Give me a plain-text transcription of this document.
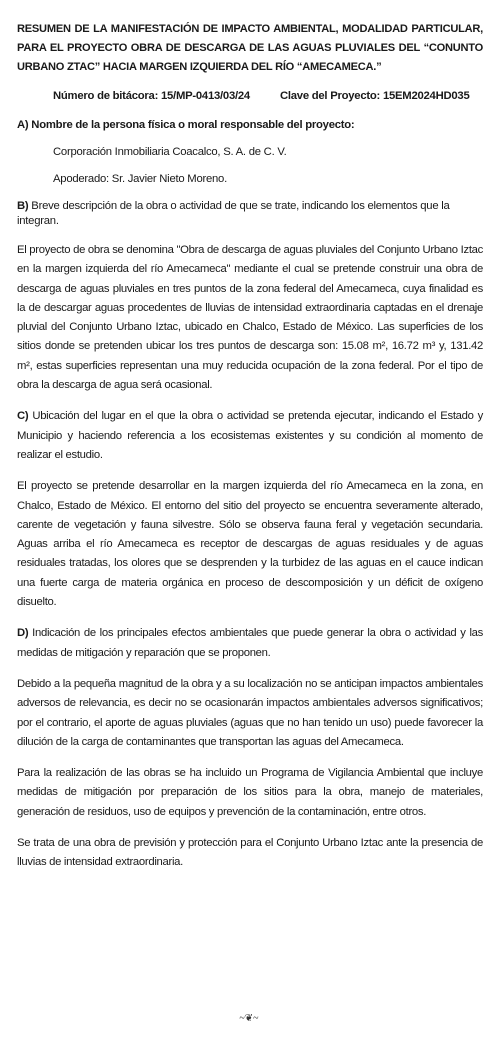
RESUMEN DE LA MANIFESTACIÓN DE IMPACTO AMBIENTAL, MODALIDAD PARTICULAR, PARA EL PROYECTO OBRA DE DESCARGA DE LAS AGUAS PLUVIALES DEL “CONUNTO URBANO ZTAC” HACIA MARGEN IZQUIERDA DEL RÍO “AMECAMECA.”

Número de bitácora: 15/MP-0413/03/24	Clave del Proyecto: 15EM2024HD035

A) Nombre de la persona física o moral responsable del proyecto:

Corporación Inmobiliaria Coacalco, S. A. de C. V.

Apoderado: Sr. Javier Nieto Moreno.

B) Breve descripción de la obra o actividad de que se trate, indicando los elementos que la integran.

El proyecto de obra se denomina "Obra de descarga de aguas pluviales del Conjunto Urbano Iztac en la margen izquierda del río Amecameca" mediante el cual se pretende construir una obra de descarga de aguas pluviales en tres puntos de la zona federal del Amecameca, cuya finalidad es la de descargar aguas procedentes de lluvias de intensidad extraordinaria captadas en el drenaje pluvial del Conjunto Urbano Iztac, ubicado en Chalco, Estado de México. Las superficies de los sitios donde se pretenden ubicar los tres puntos de descarga son: 15.08 m², 16.72 m³ y, 131.42 m², estas superficies representan una muy reducida ocupación de la zona federal. Por el tipo de obra la descarga de agua será ocasional.

C) Ubicación del lugar en el que la obra o actividad se pretenda ejecutar, indicando el Estado y Municipio y haciendo referencia a los ecosistemas existentes y su condición al momento de realizar el estudio.

El proyecto se pretende desarrollar en la margen izquierda del río Amecameca en la zona, en Chalco, Estado de México. El entorno del sitio del proyecto se encuentra severamente alterado, carente de vegetación y fauna silvestre. Sólo se observa fauna feral y vegetación secundaria. Aguas arriba el río Amecameca es receptor de descargas de aguas residuales y de aguas residuales tratadas, los olores que se desprenden y la turbidez de las aguas en el cauce indican una fuerte carga de materia orgánica en proceso de descomposición y un déficit de oxígeno disuelto.

D) Indicación de los principales efectos ambientales que puede generar la obra o actividad y las medidas de mitigación y reparación que se proponen.

Debido a la pequeña magnitud de la obra y a su localización no se anticipan impactos ambientales adversos de relevancia, es decir no se ocasionarán impactos ambientales adversos significativos; por el contrario, el aporte de aguas pluviales (aguas que no han tenido un uso) puede favorecer la dilución de la carga de contaminantes que transportan las aguas del Amecameca.

Para la realización de las obras se ha incluido un Programa de Vigilancia Ambiental que incluye medidas de mitigación por preparación de los sitios para la obra, manejo de materiales, generación de residuos, uso de equipos y prevención de la contaminación, entre otros.

Se trata de una obra de previsión y protección para el Conjunto Urbano Iztac ante la presencia de lluvias de intensidad extraordinaria.

~❦~
